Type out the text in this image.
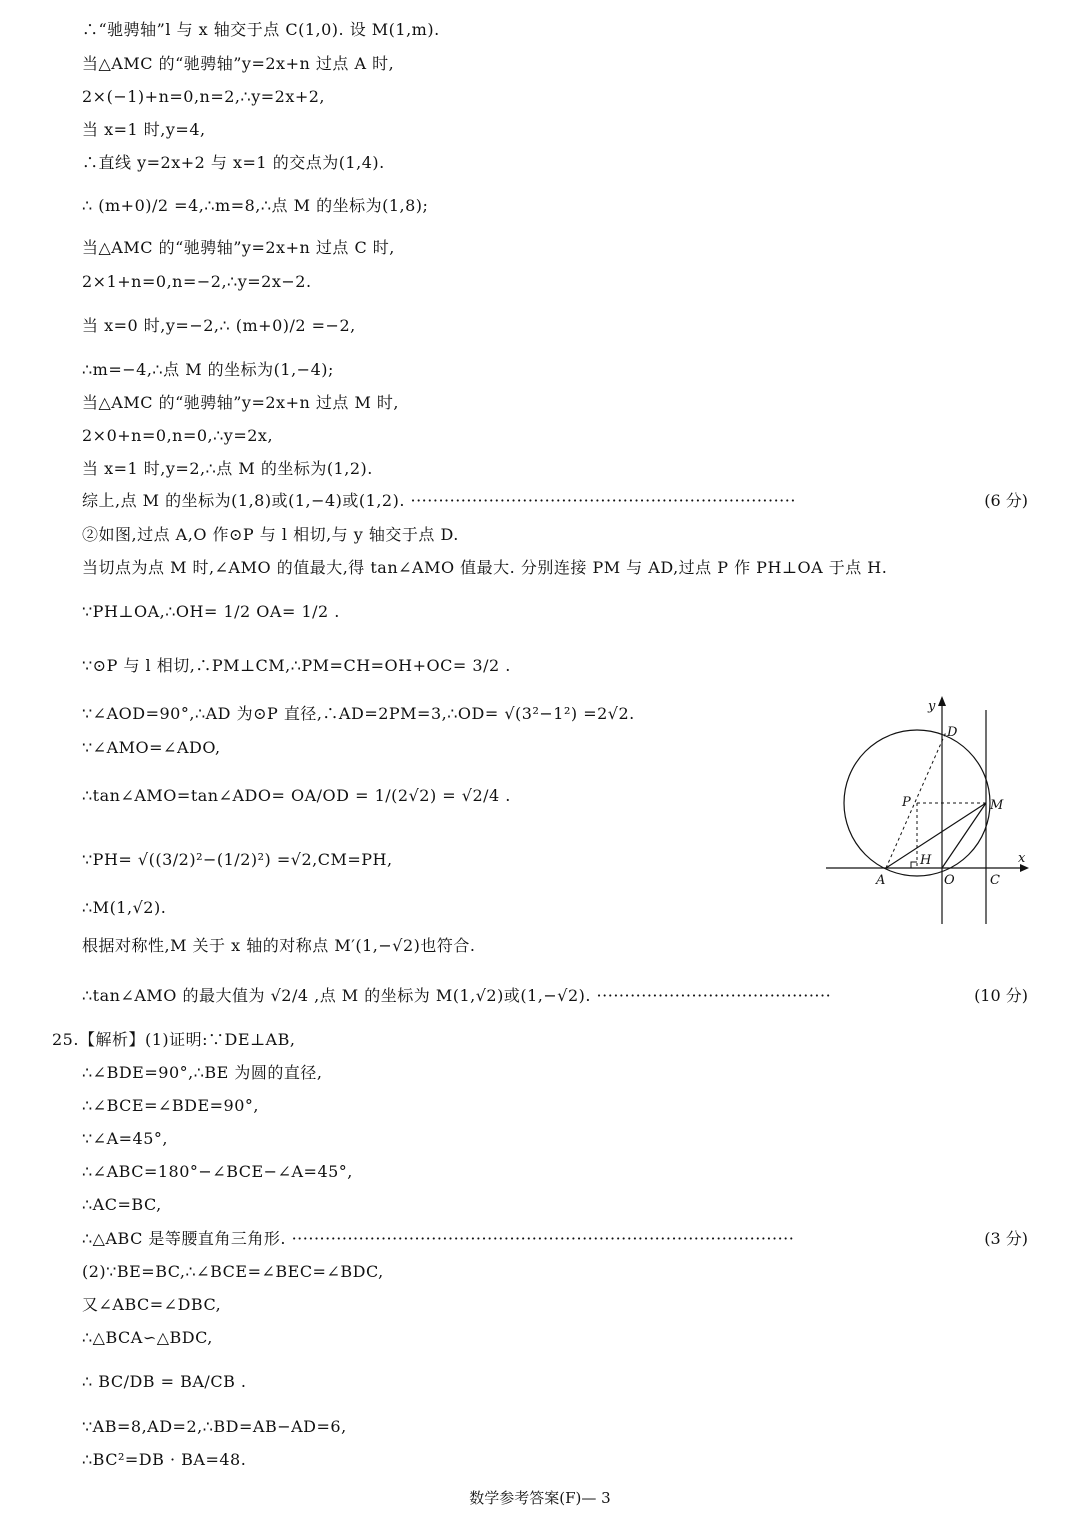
∴“驰骋轴”l 与 x 轴交于点 C(1,0). 设 M(1,m).
当△AMC 的“驰骋轴”y=2x+n 过点 A 时,
2×(−1)+n=0,n=2,∴y=2x+2,
当 x=1 时,y=4,
∴直线 y=2x+2 与 x=1 的交点为(1,4).
∴ (m+0)/2 =4,∴m=8,∴点 M 的坐标为(1,8);
当△AMC 的“驰骋轴”y=2x+n 过点 C 时,
2×1+n=0,n=−2,∴y=2x−2.
当 x=0 时,y=−2,∴ (m+0)/2 =−2,
∴m=−4,∴点 M 的坐标为(1,−4);
当△AMC 的“驰骋轴”y=2x+n 过点 M 时,
2×0+n=0,n=0,∴y=2x,
当 x=1 时,y=2,∴点 M 的坐标为(1,2).
综上,点 M 的坐标为(1,8)或(1,−4)或(1,2). ·····································································	(6 分)
②如图,过点 A,O 作⊙P 与 l 相切,与 y 轴交于点 D.
当切点为点 M 时,∠AMO 的值最大,得 tan∠AMO 值最大. 分别连接 PM 与 AD,过点 P 作 PH⊥OA 于点 H.
∵PH⊥OA,∴OH= 1/2 OA= 1/2 .
∵⊙P 与 l 相切,∴PM⊥CM,∴PM=CH=OH+OC= 3/2 .
∵∠AOD=90°,∴AD 为⊙P 直径,∴AD=2PM=3,∴OD= √(3²−1²) =2√2.
∵∠AMO=∠ADO,
∴tan∠AMO=tan∠ADO= OA/OD = 1/(2√2) = √2/4 .
∵PH= √((3/2)²−(1/2)²) =√2,CM=PH,
∴M(1,√2).
根据对称性,M 关于 x 轴的对称点 M′(1,−√2)也符合.
∴tan∠AMO 的最大值为 √2/4 ,点 M 的坐标为 M(1,√2)或(1,−√2). ··········································	(10 分)
25.【解析】(1)证明:∵DE⊥AB,
∴∠BDE=90°,∴BE 为圆的直径,
∴∠BCE=∠BDE=90°,
∵∠A=45°,
∴∠ABC=180°−∠BCE−∠A=45°,
∴AC=BC,
∴△ABC 是等腰直角三角形. ··························································································	(3 分)
(2)∵BE=BC,∴∠BCE=∠BEC=∠BDC,
又∠ABC=∠DBC,
∴△BCA∽△BDC,
∴ BC/DB = BA/CB .
∵AB=8,AD=2,∴BD=AB−AD=6,
∴BC²=DB · BA=48.
y
x
D
P	M
H
A	O	C
数学参考答案(F)— 3
